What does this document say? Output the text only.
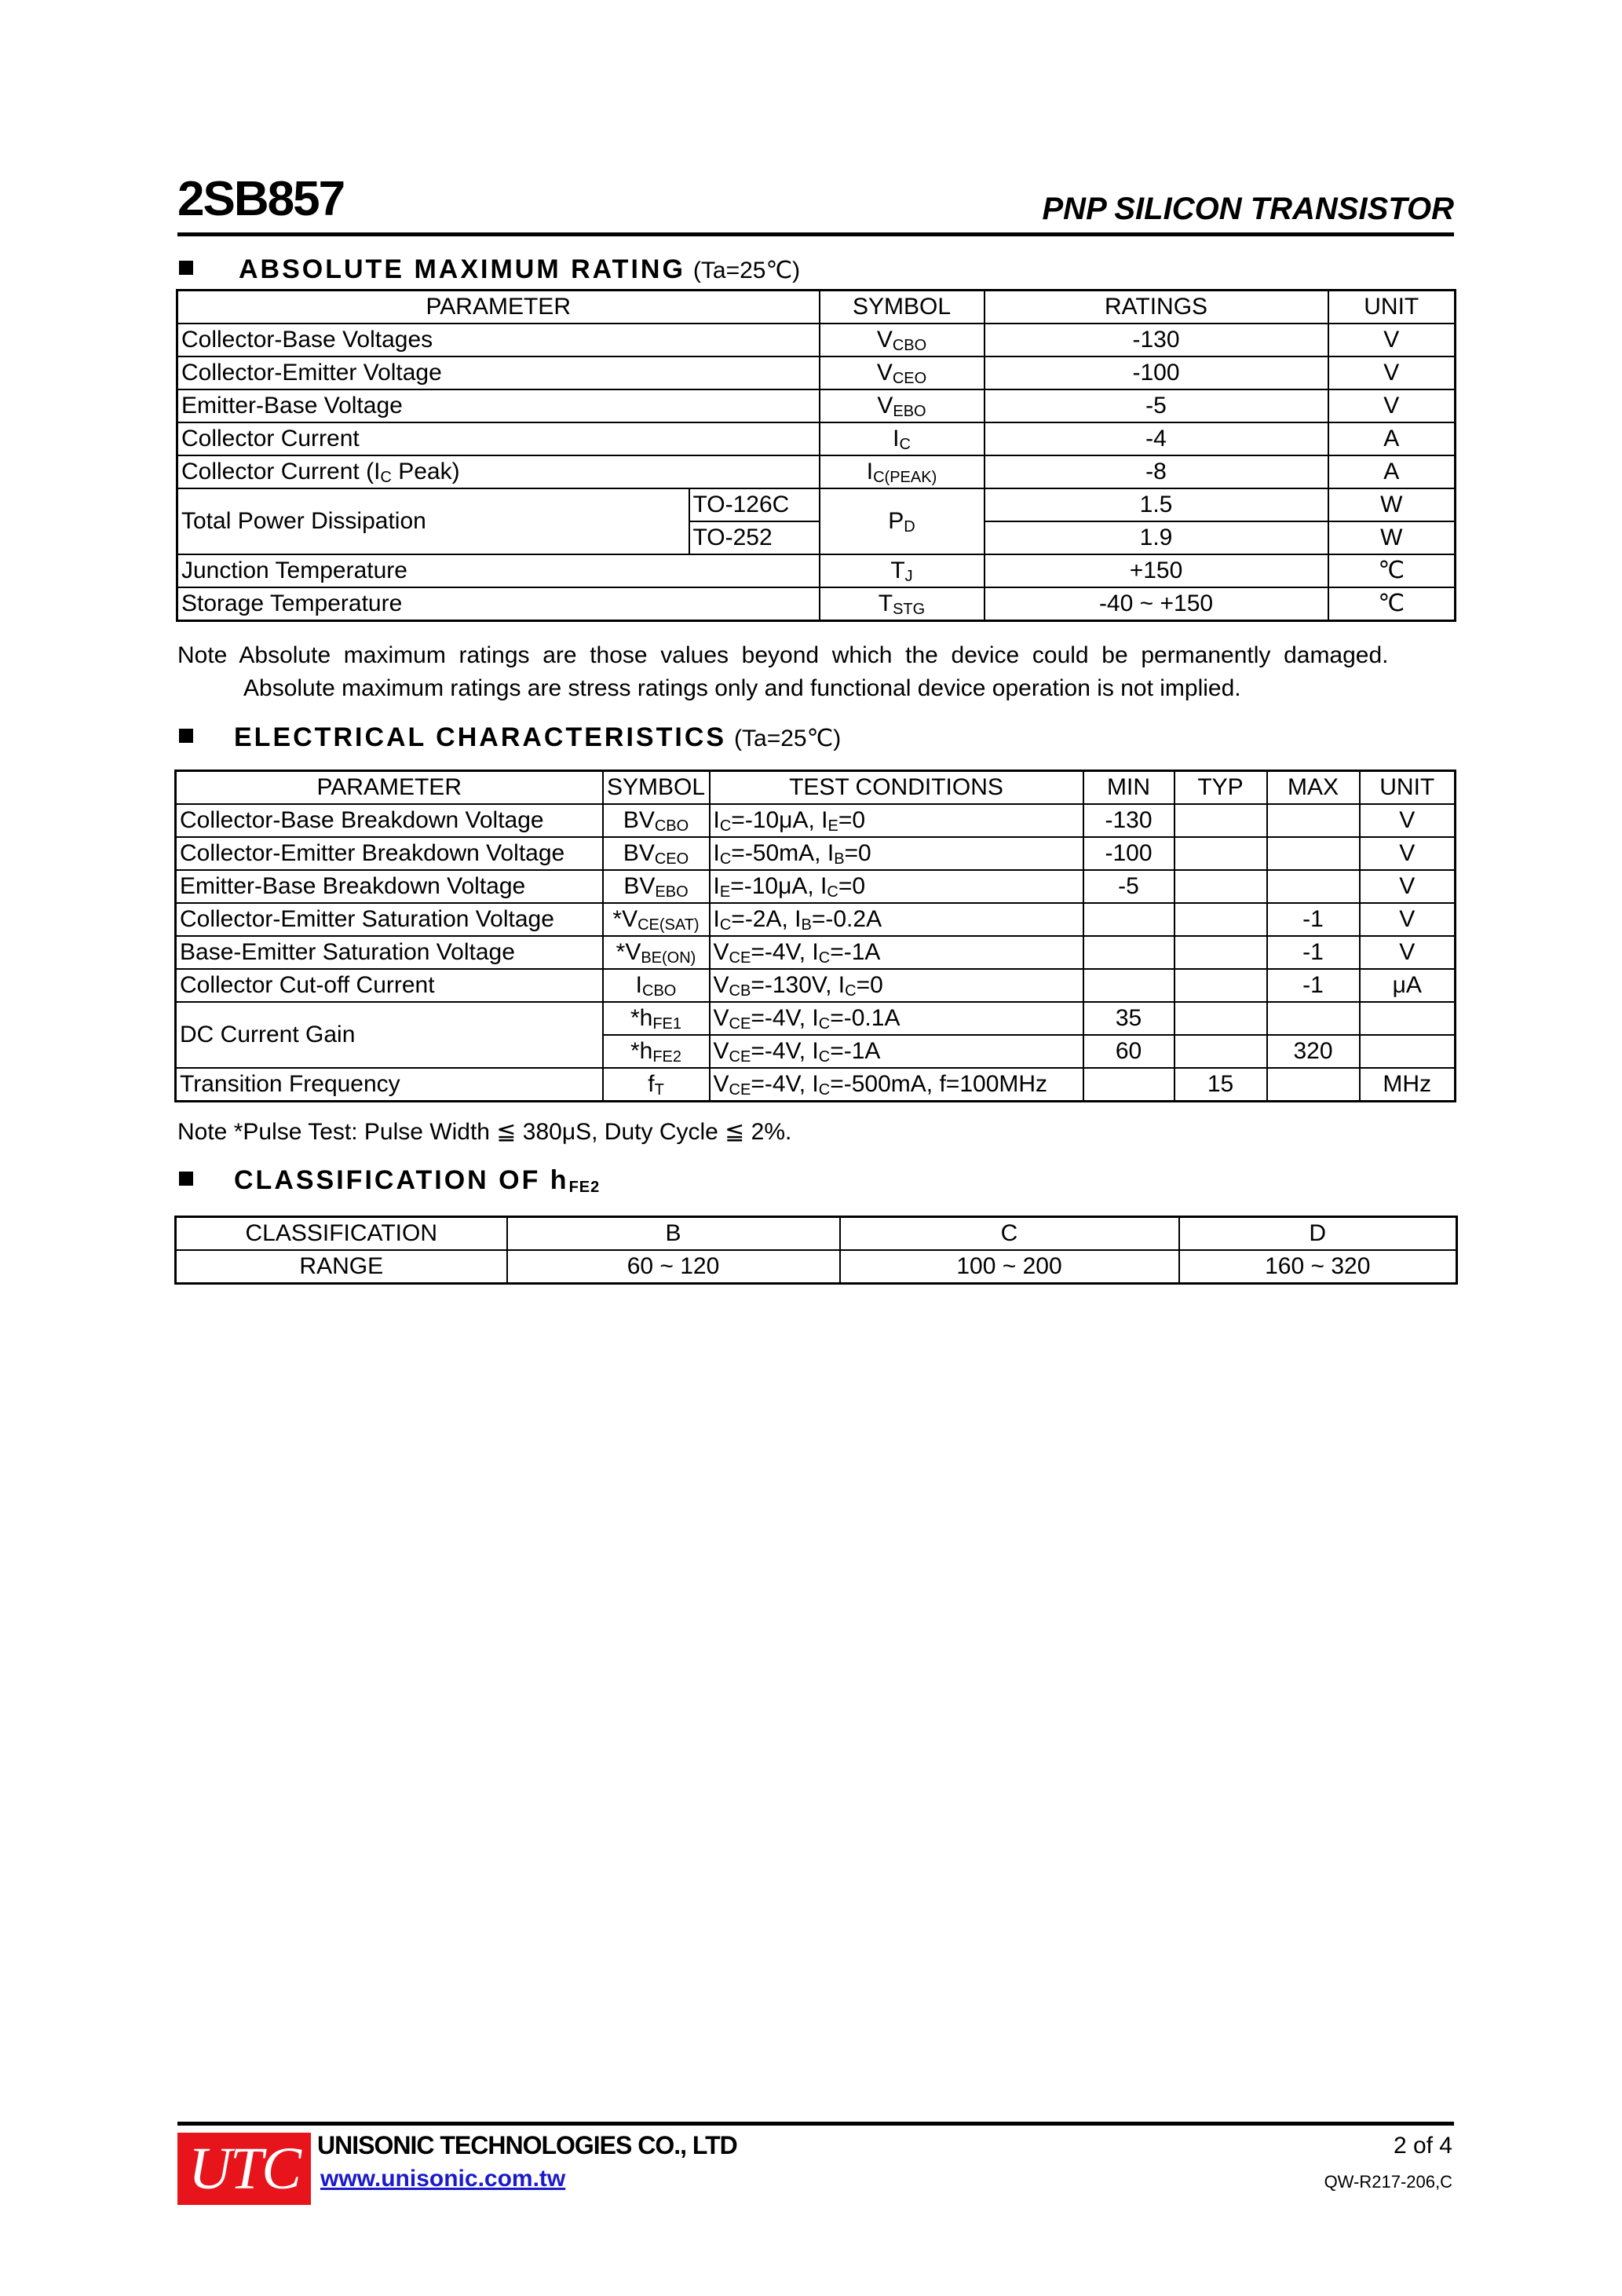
2SB857	PNP SILICON TRANSISTOR
ABSOLUTE MAXIMUM RATING (Ta=25℃)
PARAMETER		SYMBOL	RATINGS	UNIT
Collector-Base Voltages		$V_{CBO}$	-130	V
Collector-Emitter Voltage		$V_{CEO}$	-100	V
Emitter-Base Voltage		$V_{EBO}$	-5	V
Collector Current		$I_C$	-4	A
Collector Current ($I_C$ Peak)		$I_{C(PEAK)}$	-8	A
Total Power Dissipation	TO-126C	$P_D$	1.5	W
	TO-252		1.9	W
Junction Temperature		$T_J$	+150	℃
Storage Temperature		$T_{STG}$	-40 ~ +150	℃
Note  Absolute  maximum  ratings  are  those  values  beyond  which  the  device  could  be  permanently  damaged.
Absolute maximum ratings are stress ratings only and functional device operation is not implied.
ELECTRICAL CHARACTERISTICS (Ta=25℃)
PARAMETER	SYMBOL	TEST CONDITIONS	MIN	TYP	MAX	UNIT
Collector-Base Breakdown Voltage	$BV_{CBO}$	$I_C=-10\mu A$, $I_E=0$	-130			V
Collector-Emitter Breakdown Voltage	$BV_{CEO}$	$I_C=-50mA$, $I_B=0$	-100			V
Emitter-Base Breakdown Voltage	$BV_{EBO}$	$I_E=-10\mu A$, $I_C=0$	-5			V
Collector-Emitter Saturation Voltage	$*V_{CE(SAT)}$	$I_C=-2A$, $I_B=-0.2A$			-1	V
Base-Emitter Saturation Voltage	$*V_{BE(ON)}$	$V_{CE}=-4V$, $I_C=-1A$			-1	V
Collector Cut-off Current	$I_{CBO}$	$V_{CB}=-130V$, $I_C=0$			-1	μA
DC Current Gain	$*h_{FE1}$	$V_{CE}=-4V$, $I_C=-0.1A$	35			
	$*h_{FE2}$	$V_{CE}=-4V$, $I_C=-1A$	60		320	
Transition Frequency	$f_T$	$V_{CE}=-4V$, $I_C=-500mA$, f=100MHz		15		MHz
Note *Pulse Test: Pulse Width ≦ 380μS, Duty Cycle ≦ 2%.
CLASSIFICATION OF $h_{FE2}$
CLASSIFICATION	B	C	D
RANGE	60 ~ 120	100 ~ 200	160 ~ 320
UTC UNISONIC TECHNOLOGIES CO., LTD
www.unisonic.com.tw
2 of 4
QW-R217-206,C
